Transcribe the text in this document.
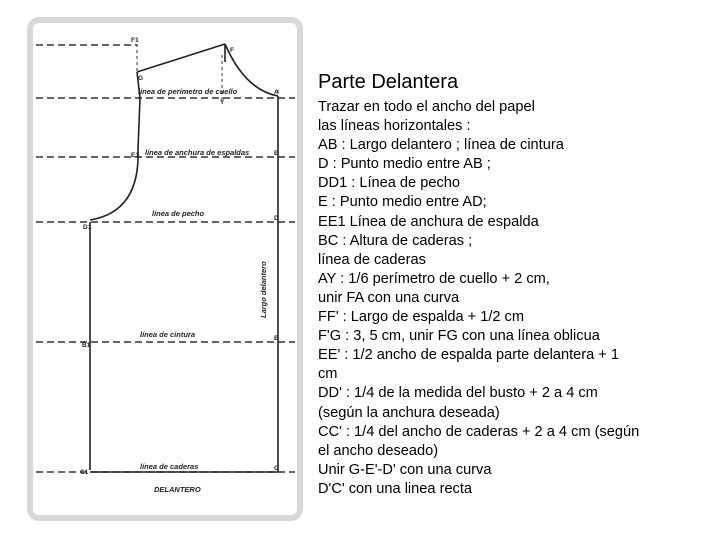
F1
F
G
Y
A
E1	E
D1
D
B1
B
C1
C
línea de perímetro de cuello
línea de anchura de espaldas
línea de pecho
línea de cintura
línea de caderas
Largo delantero
DELANTERO
Parte Delantera
Trazar en todo el ancho del papel
las líneas horizontales :
AB : Largo delantero ; línea de cintura
D : Punto medio entre AB ;
DD1 : Línea de pecho
E : Punto medio entre AD;
EE1 Línea de anchura de espalda
BC : Altura de caderas ;
línea de caderas
AY : 1/6 perímetro de cuello + 2 cm,
unir FA con una curva
FF' : Largo de espalda + 1/2 cm
F'G : 3, 5 cm, unir FG con una línea oblicua
EE' : 1/2 ancho de espalda parte delantera + 1
cm
DD' : 1/4 de la medida del busto + 2 a 4 cm
(según la anchura deseada)
CC' : 1/4 del ancho de caderas + 2 a 4 cm (según
el ancho deseado)
Unir G-E'-D' con una curva
D'C' con una linea recta
